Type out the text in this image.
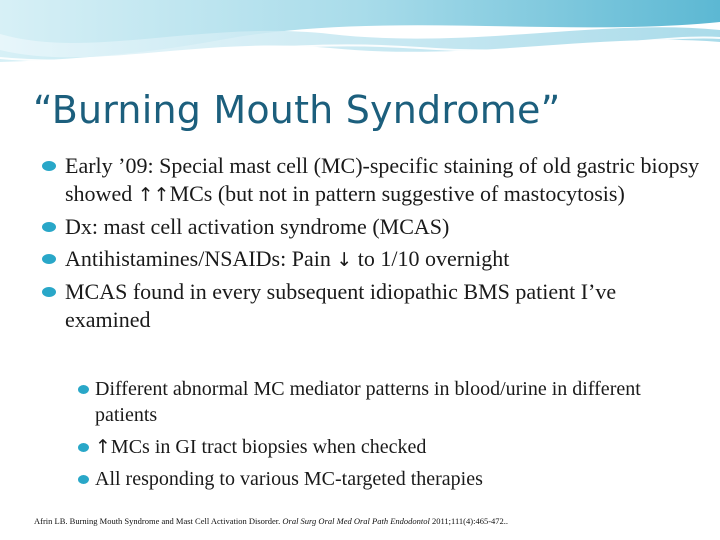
“Burning Mouth Syndrome”
Early ’09: Special mast cell (MC)-specific staining of old gastric biopsy showed ↑↑MCs (but not in pattern suggestive of mastocytosis)
Dx: mast cell activation syndrome (MCAS)
Antihistamines/NSAIDs: Pain ↓ to 1/10 overnight
MCAS found in every subsequent idiopathic BMS patient I’ve examined
Different abnormal MC mediator patterns in blood/urine in different patients
↑MCs in GI tract biopsies when checked
All responding to various MC-targeted therapies
Afrin LB. Burning Mouth Syndrome and Mast Cell Activation Disorder. Oral Surg Oral Med Oral Path Endodontol 2011;111(4):465-472..
